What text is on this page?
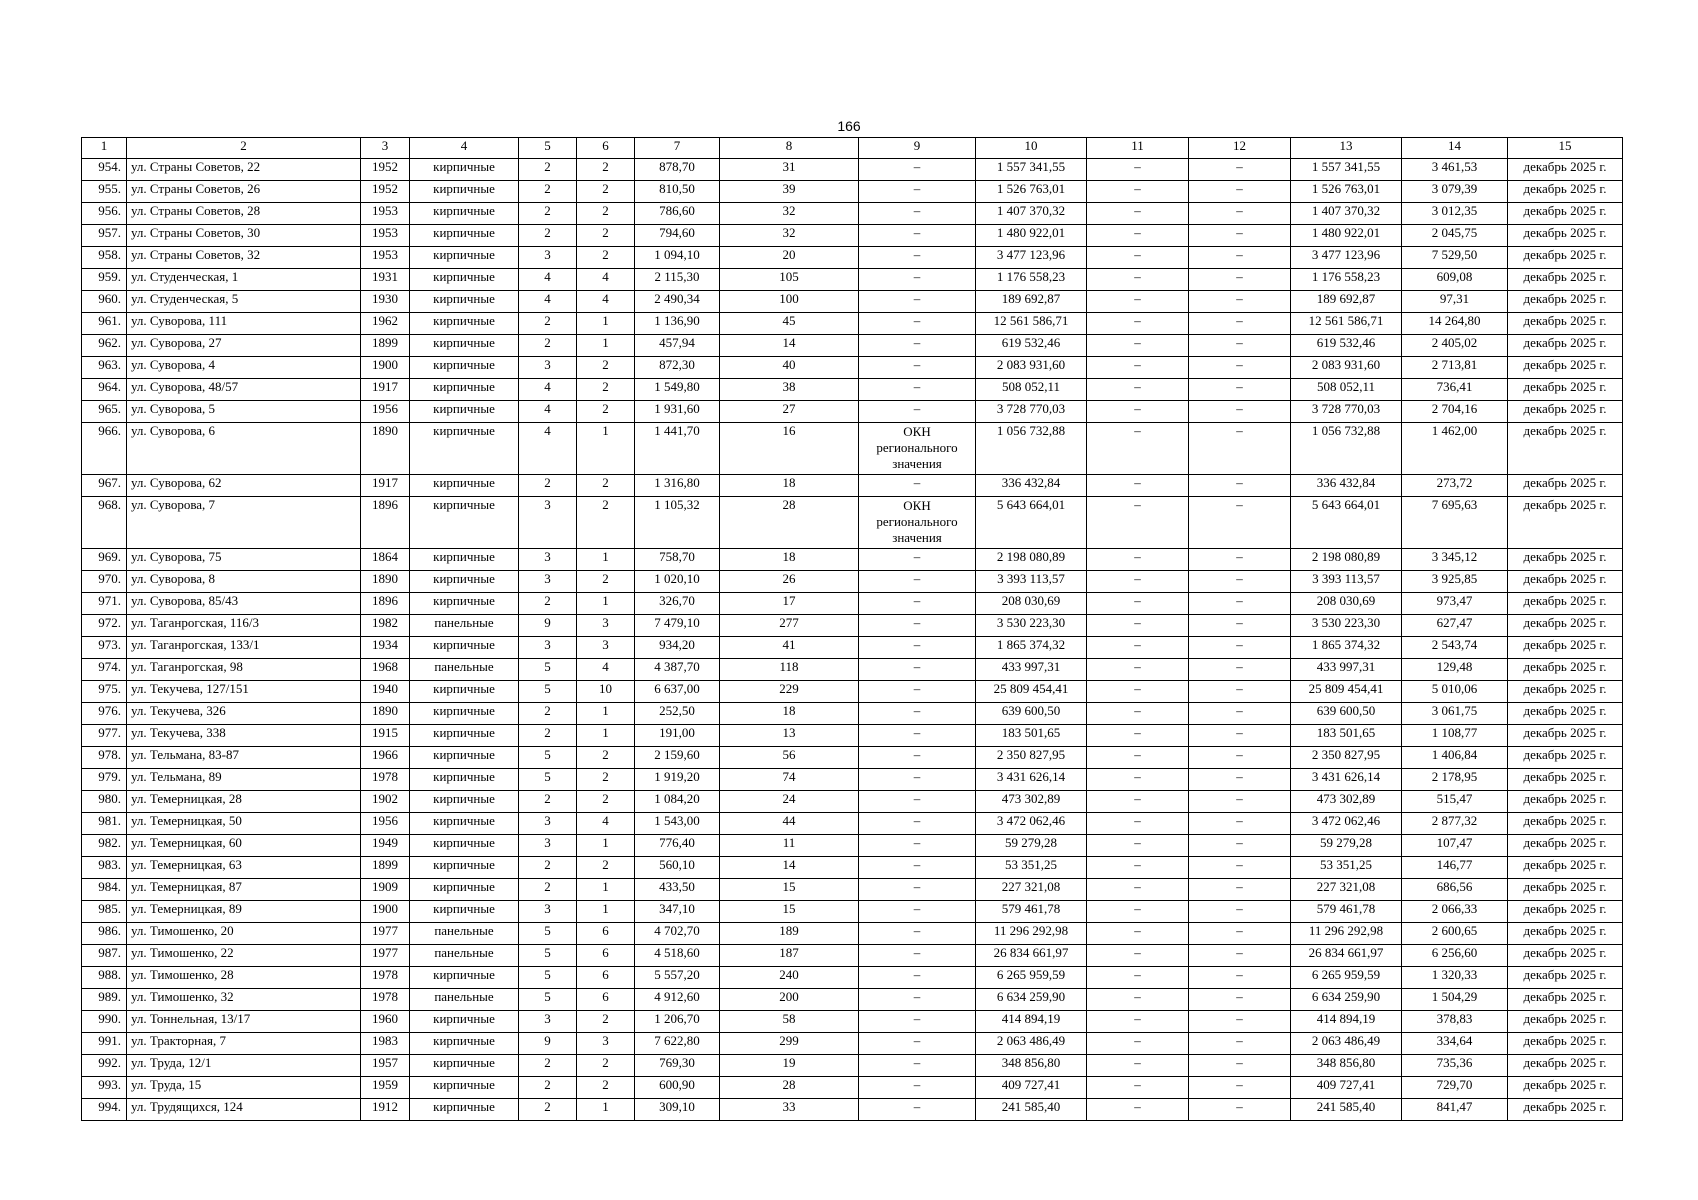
166
1	2	3	4	5	6	7	8	9	10	11	12	13	14	15
954.	ул. Страны Советов, 22	1952	кирпичные	2	2	878,70	31	–	1 557 341,55	–	–	1 557 341,55	3 461,53	декабрь 2025 г.
955.	ул. Страны Советов, 26	1952	кирпичные	2	2	810,50	39	–	1 526 763,01	–	–	1 526 763,01	3 079,39	декабрь 2025 г.
956.	ул. Страны Советов, 28	1953	кирпичные	2	2	786,60	32	–	1 407 370,32	–	–	1 407 370,32	3 012,35	декабрь 2025 г.
957.	ул. Страны Советов, 30	1953	кирпичные	2	2	794,60	32	–	1 480 922,01	–	–	1 480 922,01	2 045,75	декабрь 2025 г.
958.	ул. Страны Советов, 32	1953	кирпичные	3	2	1 094,10	20	–	3 477 123,96	–	–	3 477 123,96	7 529,50	декабрь 2025 г.
959.	ул. Студенческая, 1	1931	кирпичные	4	4	2 115,30	105	–	1 176 558,23	–	–	1 176 558,23	609,08	декабрь 2025 г.
960.	ул. Студенческая, 5	1930	кирпичные	4	4	2 490,34	100	–	189 692,87	–	–	189 692,87	97,31	декабрь 2025 г.
961.	ул. Суворова, 111	1962	кирпичные	2	1	1 136,90	45	–	12 561 586,71	–	–	12 561 586,71	14 264,80	декабрь 2025 г.
962.	ул. Суворова, 27	1899	кирпичные	2	1	457,94	14	–	619 532,46	–	–	619 532,46	2 405,02	декабрь 2025 г.
963.	ул. Суворова, 4	1900	кирпичные	3	2	872,30	40	–	2 083 931,60	–	–	2 083 931,60	2 713,81	декабрь 2025 г.
964.	ул. Суворова, 48/57	1917	кирпичные	4	2	1 549,80	38	–	508 052,11	–	–	508 052,11	736,41	декабрь 2025 г.
965.	ул. Суворова, 5	1956	кирпичные	4	2	1 931,60	27	–	3 728 770,03	–	–	3 728 770,03	2 704,16	декабрь 2025 г.
966.	ул. Суворова, 6	1890	кирпичные	4	1	1 441,70	16	ОКН регионального значения	1 056 732,88	–	–	1 056 732,88	1 462,00	декабрь 2025 г.
967.	ул. Суворова, 62	1917	кирпичные	2	2	1 316,80	18	–	336 432,84	–	–	336 432,84	273,72	декабрь 2025 г.
968.	ул. Суворова, 7	1896	кирпичные	3	2	1 105,32	28	ОКН регионального значения	5 643 664,01	–	–	5 643 664,01	7 695,63	декабрь 2025 г.
969.	ул. Суворова, 75	1864	кирпичные	3	1	758,70	18	–	2 198 080,89	–	–	2 198 080,89	3 345,12	декабрь 2025 г.
970.	ул. Суворова, 8	1890	кирпичные	3	2	1 020,10	26	–	3 393 113,57	–	–	3 393 113,57	3 925,85	декабрь 2025 г.
971.	ул. Суворова, 85/43	1896	кирпичные	2	1	326,70	17	–	208 030,69	–	–	208 030,69	973,47	декабрь 2025 г.
972.	ул. Таганрогская, 116/3	1982	панельные	9	3	7 479,10	277	–	3 530 223,30	–	–	3 530 223,30	627,47	декабрь 2025 г.
973.	ул. Таганрогская, 133/1	1934	кирпичные	3	3	934,20	41	–	1 865 374,32	–	–	1 865 374,32	2 543,74	декабрь 2025 г.
974.	ул. Таганрогская, 98	1968	панельные	5	4	4 387,70	118	–	433 997,31	–	–	433 997,31	129,48	декабрь 2025 г.
975.	ул. Текучева, 127/151	1940	кирпичные	5	10	6 637,00	229	–	25 809 454,41	–	–	25 809 454,41	5 010,06	декабрь 2025 г.
976.	ул. Текучева, 326	1890	кирпичные	2	1	252,50	18	–	639 600,50	–	–	639 600,50	3 061,75	декабрь 2025 г.
977.	ул. Текучева, 338	1915	кирпичные	2	1	191,00	13	–	183 501,65	–	–	183 501,65	1 108,77	декабрь 2025 г.
978.	ул. Тельмана, 83-87	1966	кирпичные	5	2	2 159,60	56	–	2 350 827,95	–	–	2 350 827,95	1 406,84	декабрь 2025 г.
979.	ул. Тельмана, 89	1978	кирпичные	5	2	1 919,20	74	–	3 431 626,14	–	–	3 431 626,14	2 178,95	декабрь 2025 г.
980.	ул. Темерницкая, 28	1902	кирпичные	2	2	1 084,20	24	–	473 302,89	–	–	473 302,89	515,47	декабрь 2025 г.
981.	ул. Темерницкая, 50	1956	кирпичные	3	4	1 543,00	44	–	3 472 062,46	–	–	3 472 062,46	2 877,32	декабрь 2025 г.
982.	ул. Темерницкая, 60	1949	кирпичные	3	1	776,40	11	–	59 279,28	–	–	59 279,28	107,47	декабрь 2025 г.
983.	ул. Темерницкая, 63	1899	кирпичные	2	2	560,10	14	–	53 351,25	–	–	53 351,25	146,77	декабрь 2025 г.
984.	ул. Темерницкая, 87	1909	кирпичные	2	1	433,50	15	–	227 321,08	–	–	227 321,08	686,56	декабрь 2025 г.
985.	ул. Темерницкая, 89	1900	кирпичные	3	1	347,10	15	–	579 461,78	–	–	579 461,78	2 066,33	декабрь 2025 г.
986.	ул. Тимошенко, 20	1977	панельные	5	6	4 702,70	189	–	11 296 292,98	–	–	11 296 292,98	2 600,65	декабрь 2025 г.
987.	ул. Тимошенко, 22	1977	панельные	5	6	4 518,60	187	–	26 834 661,97	–	–	26 834 661,97	6 256,60	декабрь 2025 г.
988.	ул. Тимошенко, 28	1978	кирпичные	5	6	5 557,20	240	–	6 265 959,59	–	–	6 265 959,59	1 320,33	декабрь 2025 г.
989.	ул. Тимошенко, 32	1978	панельные	5	6	4 912,60	200	–	6 634 259,90	–	–	6 634 259,90	1 504,29	декабрь 2025 г.
990.	ул. Тоннельная, 13/17	1960	кирпичные	3	2	1 206,70	58	–	414 894,19	–	–	414 894,19	378,83	декабрь 2025 г.
991.	ул. Тракторная, 7	1983	кирпичные	9	3	7 622,80	299	–	2 063 486,49	–	–	2 063 486,49	334,64	декабрь 2025 г.
992.	ул. Труда, 12/1	1957	кирпичные	2	2	769,30	19	–	348 856,80	–	–	348 856,80	735,36	декабрь 2025 г.
993.	ул. Труда, 15	1959	кирпичные	2	2	600,90	28	–	409 727,41	–	–	409 727,41	729,70	декабрь 2025 г.
994.	ул. Трудящихся, 124	1912	кирпичные	2	1	309,10	33	–	241 585,40	–	–	241 585,40	841,47	декабрь 2025 г.
